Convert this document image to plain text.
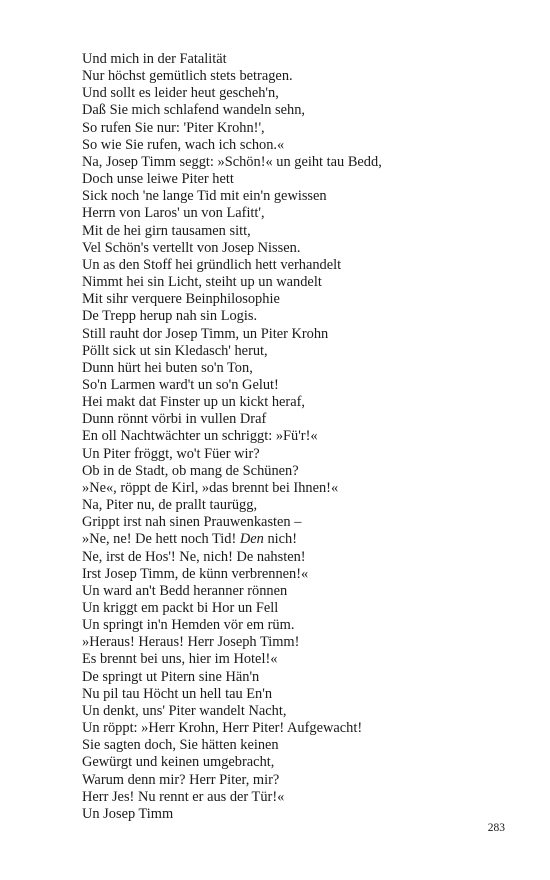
Und mich in der Fatalität
Nur höchst gemütlich stets betragen.
Und sollt es leider heut gescheh'n,
Daß Sie mich schlafend wandeln sehn,
So rufen Sie nur: 'Piter Krohn!',
So wie Sie rufen, wach ich schon.«
Na, Josep Timm seggt: »Schön!« un geiht tau Bedd,
Doch unse leiwe Piter hett
Sick noch 'ne lange Tid mit ein'n gewissen
Herrn von Laros' un von Lafitt',
Mit de hei girn tausamen sitt,
Vel Schön's vertellt von Josep Nissen.
Un as den Stoff hei gründlich hett verhandelt
Nimmt hei sin Licht, steiht up un wandelt
Mit sihr verquere Beinphilosophie
De Trepp herup nah sin Logis.
Still rauht dor Josep Timm, un Piter Krohn
Pöllt sick ut sin Kledasch' herut,
Dunn hürt hei buten so'n Ton,
So'n Larmen ward't un so'n Gelut!
Hei makt dat Finster up un kickt heraf,
Dunn rönnt vörbi in vullen Draf
En oll Nachtwächter un schriggt: »Fü'r!«
Un Piter fröggt, wo't Füer wir?
Ob in de Stadt, ob mang de Schünen?
»Ne«, röppt de Kirl, »das brennt bei Ihnen!«
Na, Piter nu, de prallt taurügg,
Grippt irst nah sinen Prauwenkasten –
»Ne, ne! De hett noch Tid! Den nich!
Ne, irst de Hos'! Ne, nich! De nahsten!
Irst Josep Timm, de künn verbrennen!«
Un ward an't Bedd heranner rönnen
Un kriggt em packt bi Hor un Fell
Un springt in'n Hemden vör em rüm.
»Heraus! Heraus! Herr Joseph Timm!
Es brennt bei uns, hier im Hotel!«
De springt ut Pitern sine Hän'n
Nu pil tau Höcht un hell tau En'n
Un denkt, uns' Piter wandelt Nacht,
Un röppt: »Herr Krohn, Herr Piter! Aufgewacht!
Sie sagten doch, Sie hätten keinen
Gewürgt und keinen umgebracht,
Warum denn mir? Herr Piter, mir?
Herr Jes! Nu rennt er aus der Tür!«
Un Josep Timm
283
